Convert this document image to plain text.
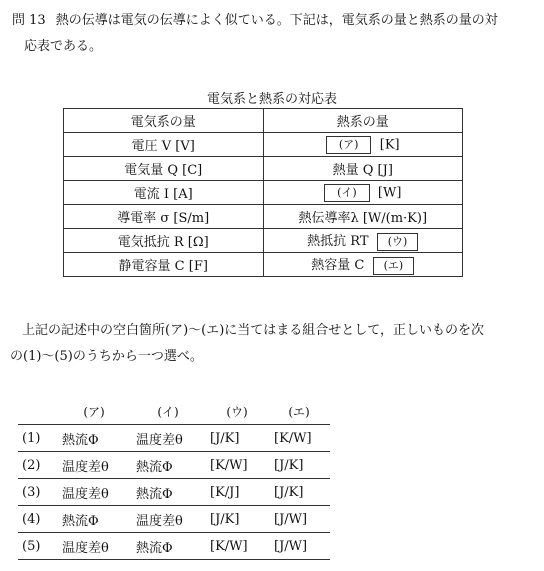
問 13 熱の伝導は電気の伝導によく似ている。下記は，電気系の量と熱系の量の対
応表である。
電気系と熱系の対応表
電気系の量	熱系の量
電圧 V [V]	(ア) [K]
電気量 Q [C]	熱量 Q [J]
電流 I [A]	(イ) [W]
導電率 σ [S/m]	熱伝導率λ [W/(m·K)]
電気抵抗 R [Ω]	熱抵抗 RT (ウ)
静電容量 C [F]	熱容量 C (エ)
上記の記述中の空白箇所(ア)～(エ)に当てはまる組合せとして，正しいものを次
の(1)～(5)のうちから一つ選べ。
	(ア)	(イ)	(ウ)	(エ)
(1)	熱流Φ	温度差θ	[J/K]	[K/W]
(2)	温度差θ	熱流Φ	[K/W]	[J/K]
(3)	温度差θ	熱流Φ	[K/J]	[J/K]
(4)	熱流Φ	温度差θ	[J/K]	[J/W]
(5)	温度差θ	熱流Φ	[K/W]	[J/W]
